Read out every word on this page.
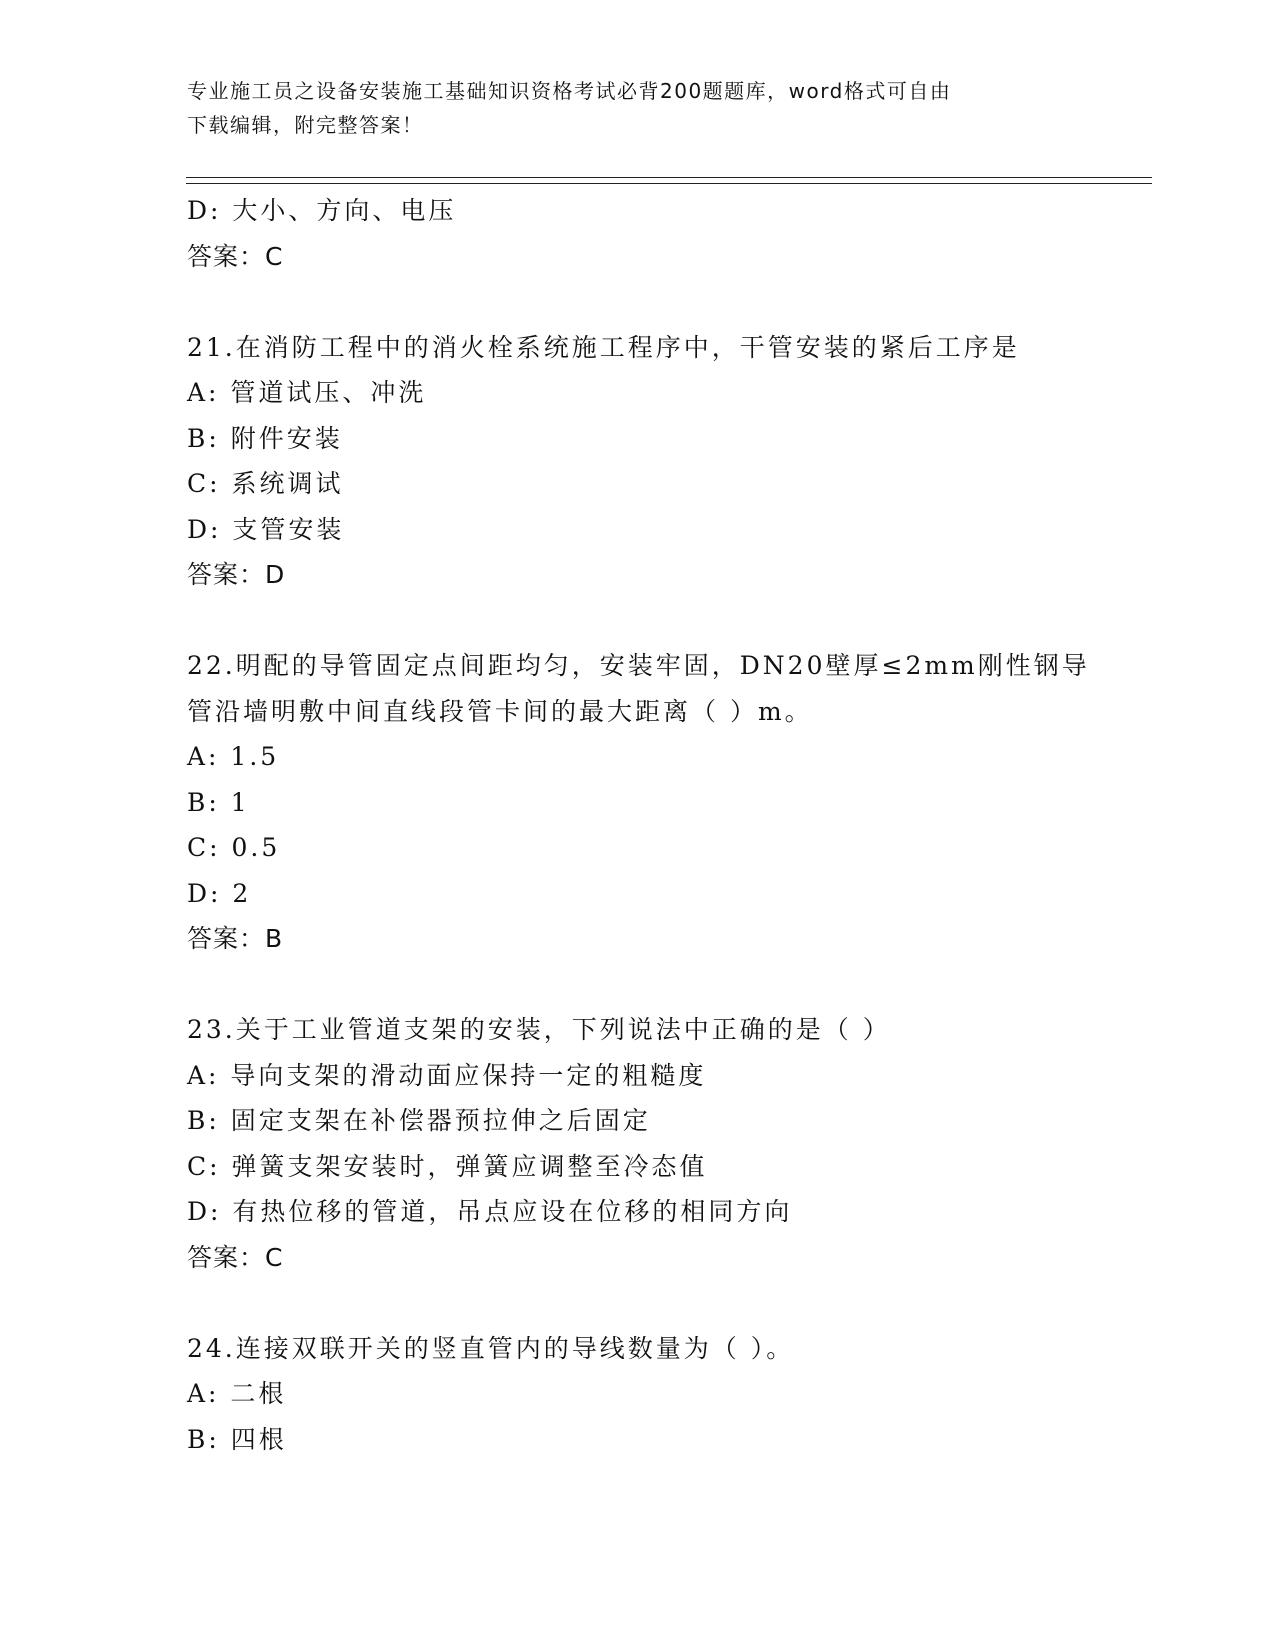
专业施工员之设备安装施工基础知识资格考试必背200题题库，word格式可自由
下载编辑，附完整答案！
D: 大小、方向、电压
答案：C
21.在消防工程中的消火栓系统施工程序中，干管安装的紧后工序是
A: 管道试压、冲洗
B: 附件安装
C: 系统调试
D: 支管安装
答案：D
22.明配的导管固定点间距均匀，安装牢固，DN20壁厚≤2mm刚性钢导
管沿墙明敷中间直线段管卡间的最大距离（ ）m。
A: 1.5
B: 1
C: 0.5
D: 2
答案：B
23.关于工业管道支架的安装，下列说法中正确的是（ ）
A: 导向支架的滑动面应保持一定的粗糙度
B: 固定支架在补偿器预拉伸之后固定
C: 弹簧支架安装时，弹簧应调整至冷态值
D: 有热位移的管道，吊点应设在位移的相同方向
答案：C
24.连接双联开关的竖直管内的导线数量为（ ）。
A: 二根
B: 四根
